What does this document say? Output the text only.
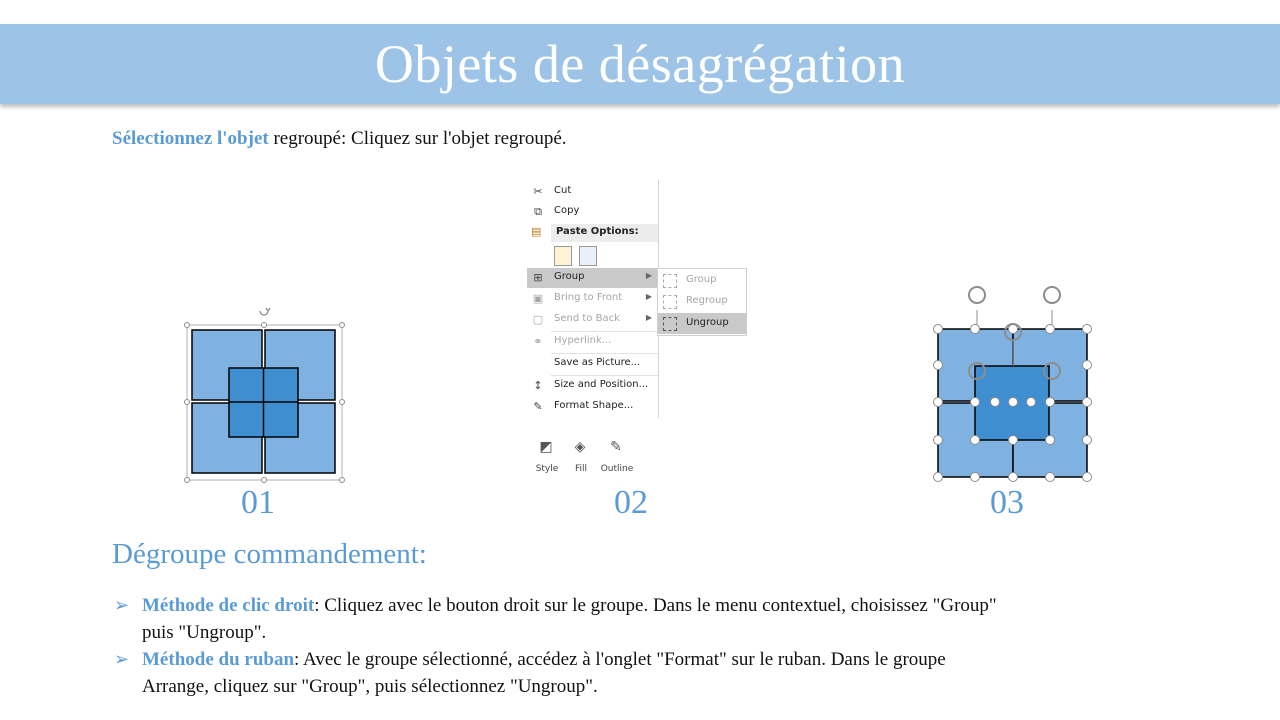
Objets de désagrégation
Sélectionnez l'objet regroupé: Cliquez sur l'objet regroupé.
01	02	03
✂ Cut
⧉	Copy
▤ Paste Options:
⊞ Group	▶
▣ Bring to Front	▶
▢ Send to Back	▶
⚭ Hyperlink...
Save as Picture...
↕ Size and Position...
✎ Format Shape...
Group
Regroup
Ungroup
◩
Style
◈
Fill
✎
Outline
Dégroupe commandement:
➢ Méthode de clic droit: Cliquez avec le bouton droit sur le groupe. Dans le menu contextuel, choisissez "Group" puis "Ungroup".
➢ Méthode du ruban: Avec le groupe sélectionné, accédez à l'onglet "Format" sur le ruban. Dans le groupe Arrange, cliquez sur "Group", puis sélectionnez "Ungroup".
